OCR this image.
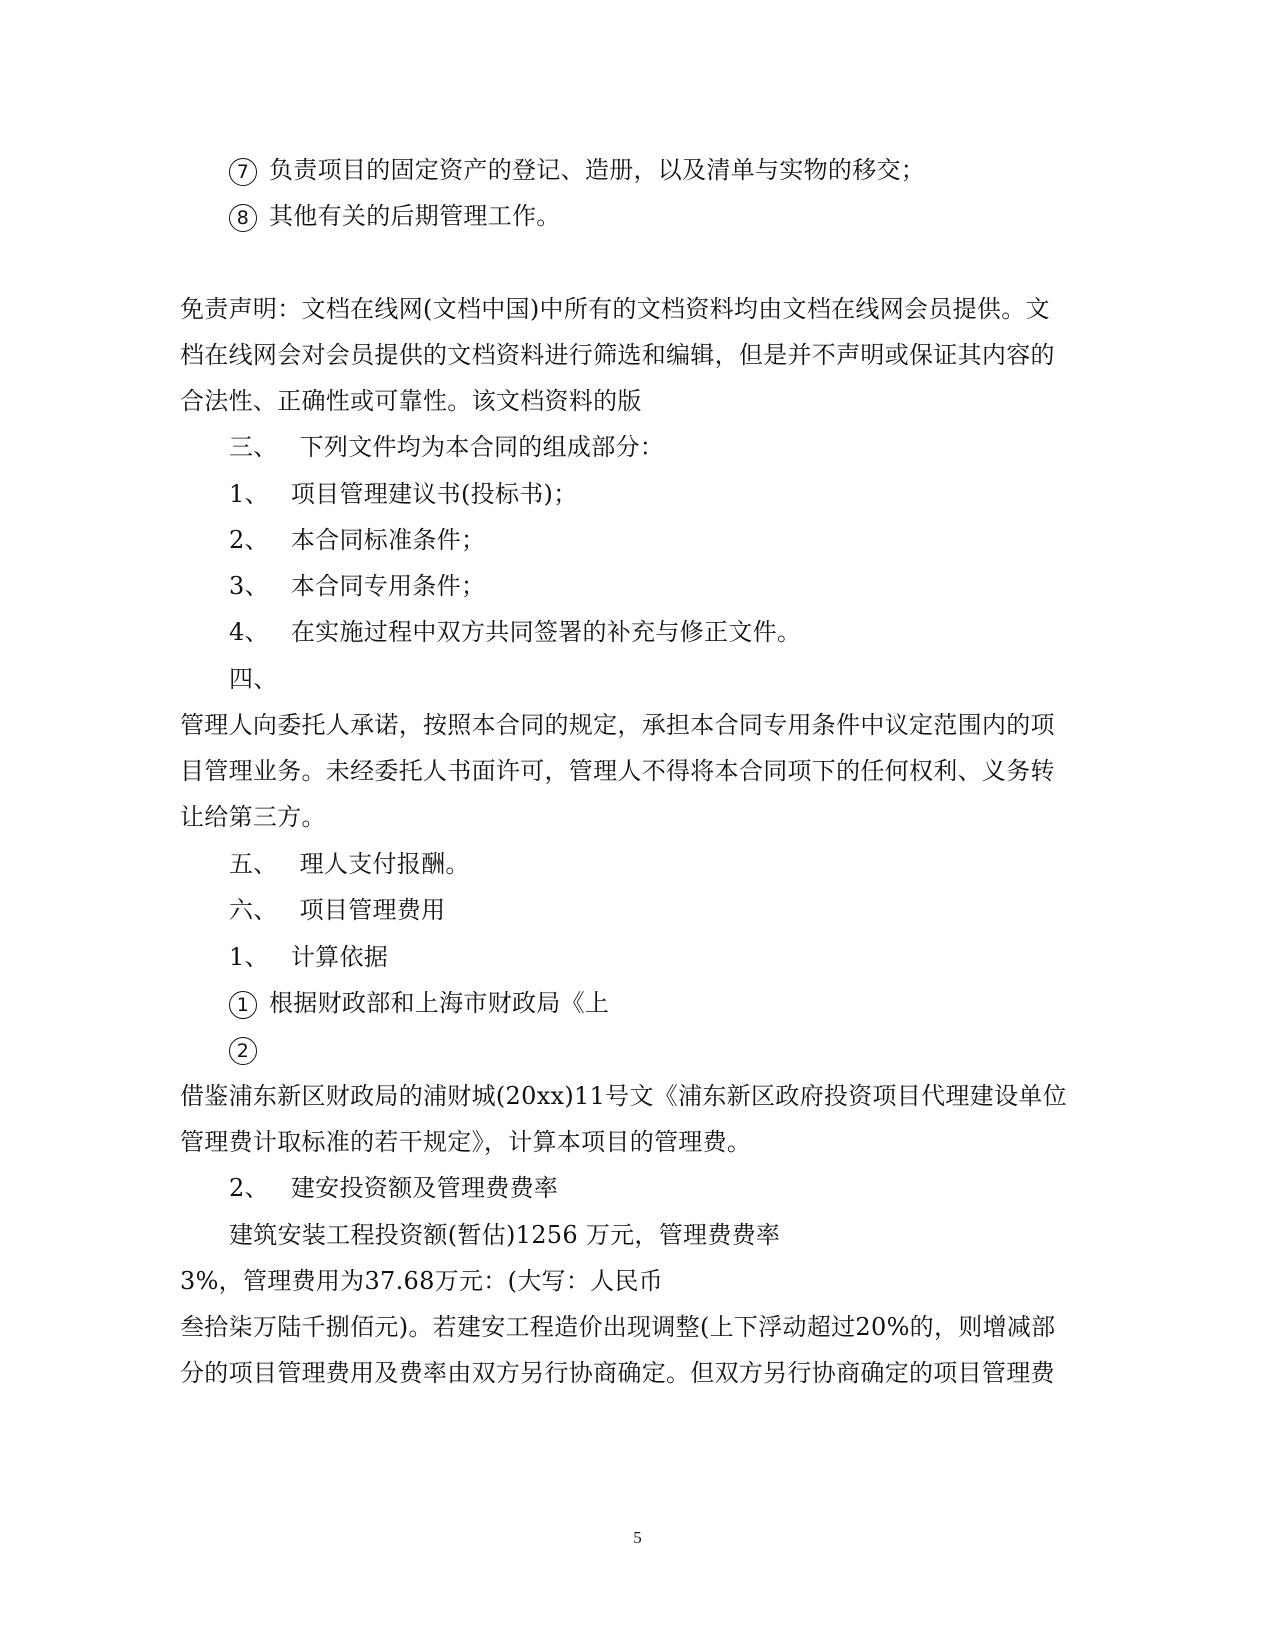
7 负责项目的固定资产的登记、造册，以及清单与实物的移交；
8 其他有关的后期管理工作。
免责声明：文档在线网(文档中国)中所有的文档资料均由文档在线网会员提供。文
档在线网会对会员提供的文档资料进行筛选和编辑，但是并不声明或保证其内容的
合法性、正确性或可靠性。该文档资料的版
三、 下列文件均为本合同的组成部分：
1、 项目管理建议书(投标书)；
2、 本合同标准条件；
3、 本合同专用条件；
4、 在实施过程中双方共同签署的补充与修正文件。
四、
管理人向委托人承诺，按照本合同的规定，承担本合同专用条件中议定范围内的项
目管理业务。未经委托人书面许可，管理人不得将本合同项下的任何权利、义务转
让给第三方。
五、 理人支付报酬。
六、 项目管理费用
1、 计算依据
1 根据财政部和上海市财政局《上
2
借鉴浦东新区财政局的浦财城(20xx)11号文《浦东新区政府投资项目代理建设单位
管理费计取标准的若干规定》，计算本项目的管理费。
2、 建安投资额及管理费费率
建筑安装工程投资额(暂估)1256 万元，管理费费率
3%，管理费用为37.68万元：(大写：人民币
叁拾柒万陆千捌佰元)。若建安工程造价出现调整(上下浮动超过20%的，则增减部
分的项目管理费用及费率由双方另行协商确定。但双方另行协商确定的项目管理费
5
